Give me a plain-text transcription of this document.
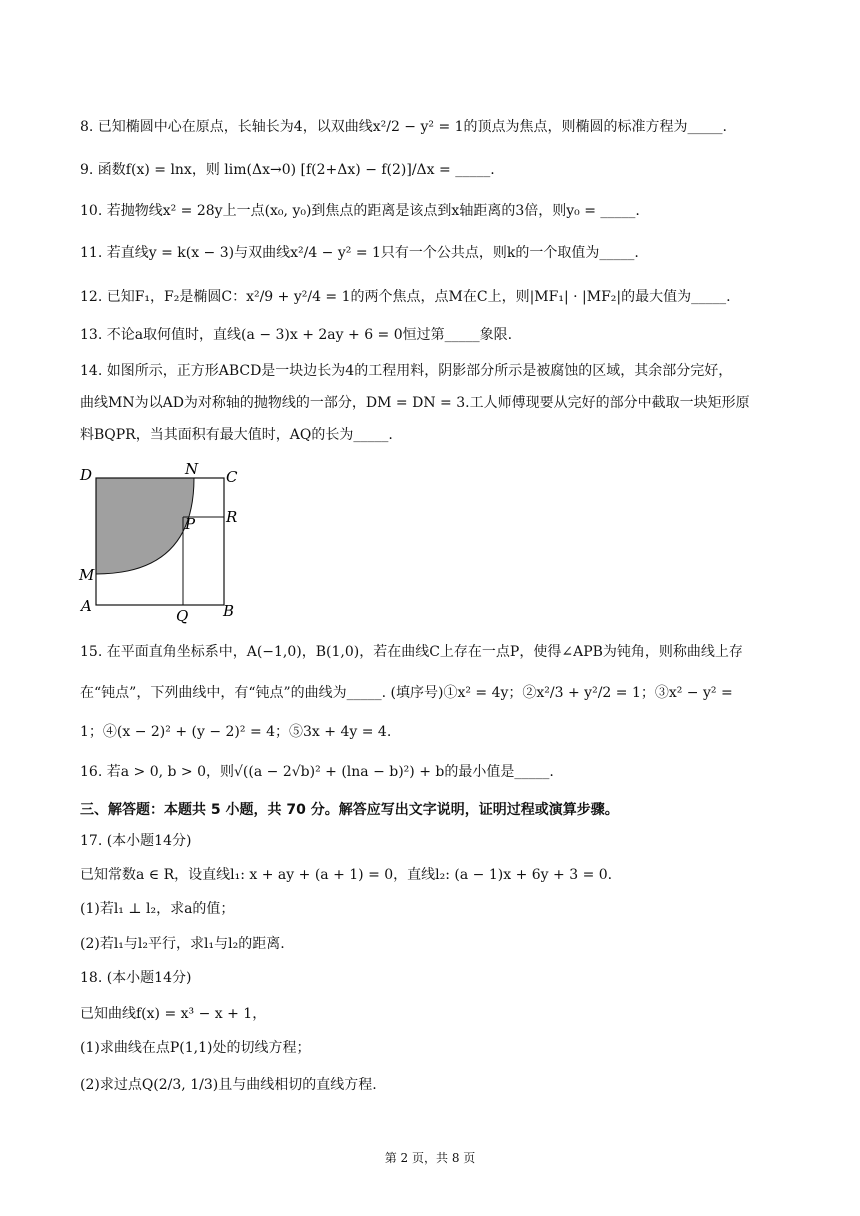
8. 已知椭圆中心在原点，长轴长为4，以双曲线x²/2 − y² = 1的顶点为焦点，则椭圆的标准方程为_____.
9. 函数f(x) = lnx，则 lim(Δx→0) [f(2+Δx) − f(2)]/Δx = _____.
10. 若抛物线x² = 28y上一点(x₀, y₀)到焦点的距离是该点到x轴距离的3倍，则y₀ = _____.
11. 若直线y = k(x − 3)与双曲线x²/4 − y² = 1只有一个公共点，则k的一个取值为_____.
12. 已知F₁，F₂是椭圆C：x²/9 + y²/4 = 1的两个焦点，点M在C上，则|MF₁| · |MF₂|的最大值为_____.
13. 不论a取何值时，直线(a − 3)x + 2ay + 6 = 0恒过第_____象限.
14. 如图所示，正方形ABCD是一块边长为4的工程用料，阴影部分所示是被腐蚀的区域，其余部分完好，
曲线MN为以AD为对称轴的抛物线的一部分，DM = DN = 3.工人师傅现要从完好的部分中截取一块矩形原
料BQPR，当其面积有最大值时，AQ的长为_____.
D	N C
P R
M
A
Q B
15. 在平面直角坐标系中，A(−1,0)，B(1,0)，若在曲线C上存在一点P，使得∠APB为钝角，则称曲线上存
在“钝点”，下列曲线中，有“钝点”的曲线为_____. (填序号)①x² = 4y；②x²/3 + y²/2 = 1；③x² − y² =
1；④(x − 2)² + (y − 2)² = 4；⑤3x + 4y = 4.
16. 若a > 0, b > 0，则√((a − 2√b)² + (lna − b)²) + b的最小值是_____.
三、解答题：本题共 5 小题，共 70 分。解答应写出文字说明，证明过程或演算步骤。
17. (本小题14分)
已知常数a ∈ R，设直线l₁: x + ay + (a + 1) = 0，直线l₂: (a − 1)x + 6y + 3 = 0.
(1)若l₁ ⊥ l₂，求a的值；
(2)若l₁与l₂平行，求l₁与l₂的距离.
18. (本小题14分)
已知曲线f(x) = x³ − x + 1，
(1)求曲线在点P(1,1)处的切线方程；
(2)求过点Q(2/3, 1/3)且与曲线相切的直线方程.
第 2 页，共 8 页
